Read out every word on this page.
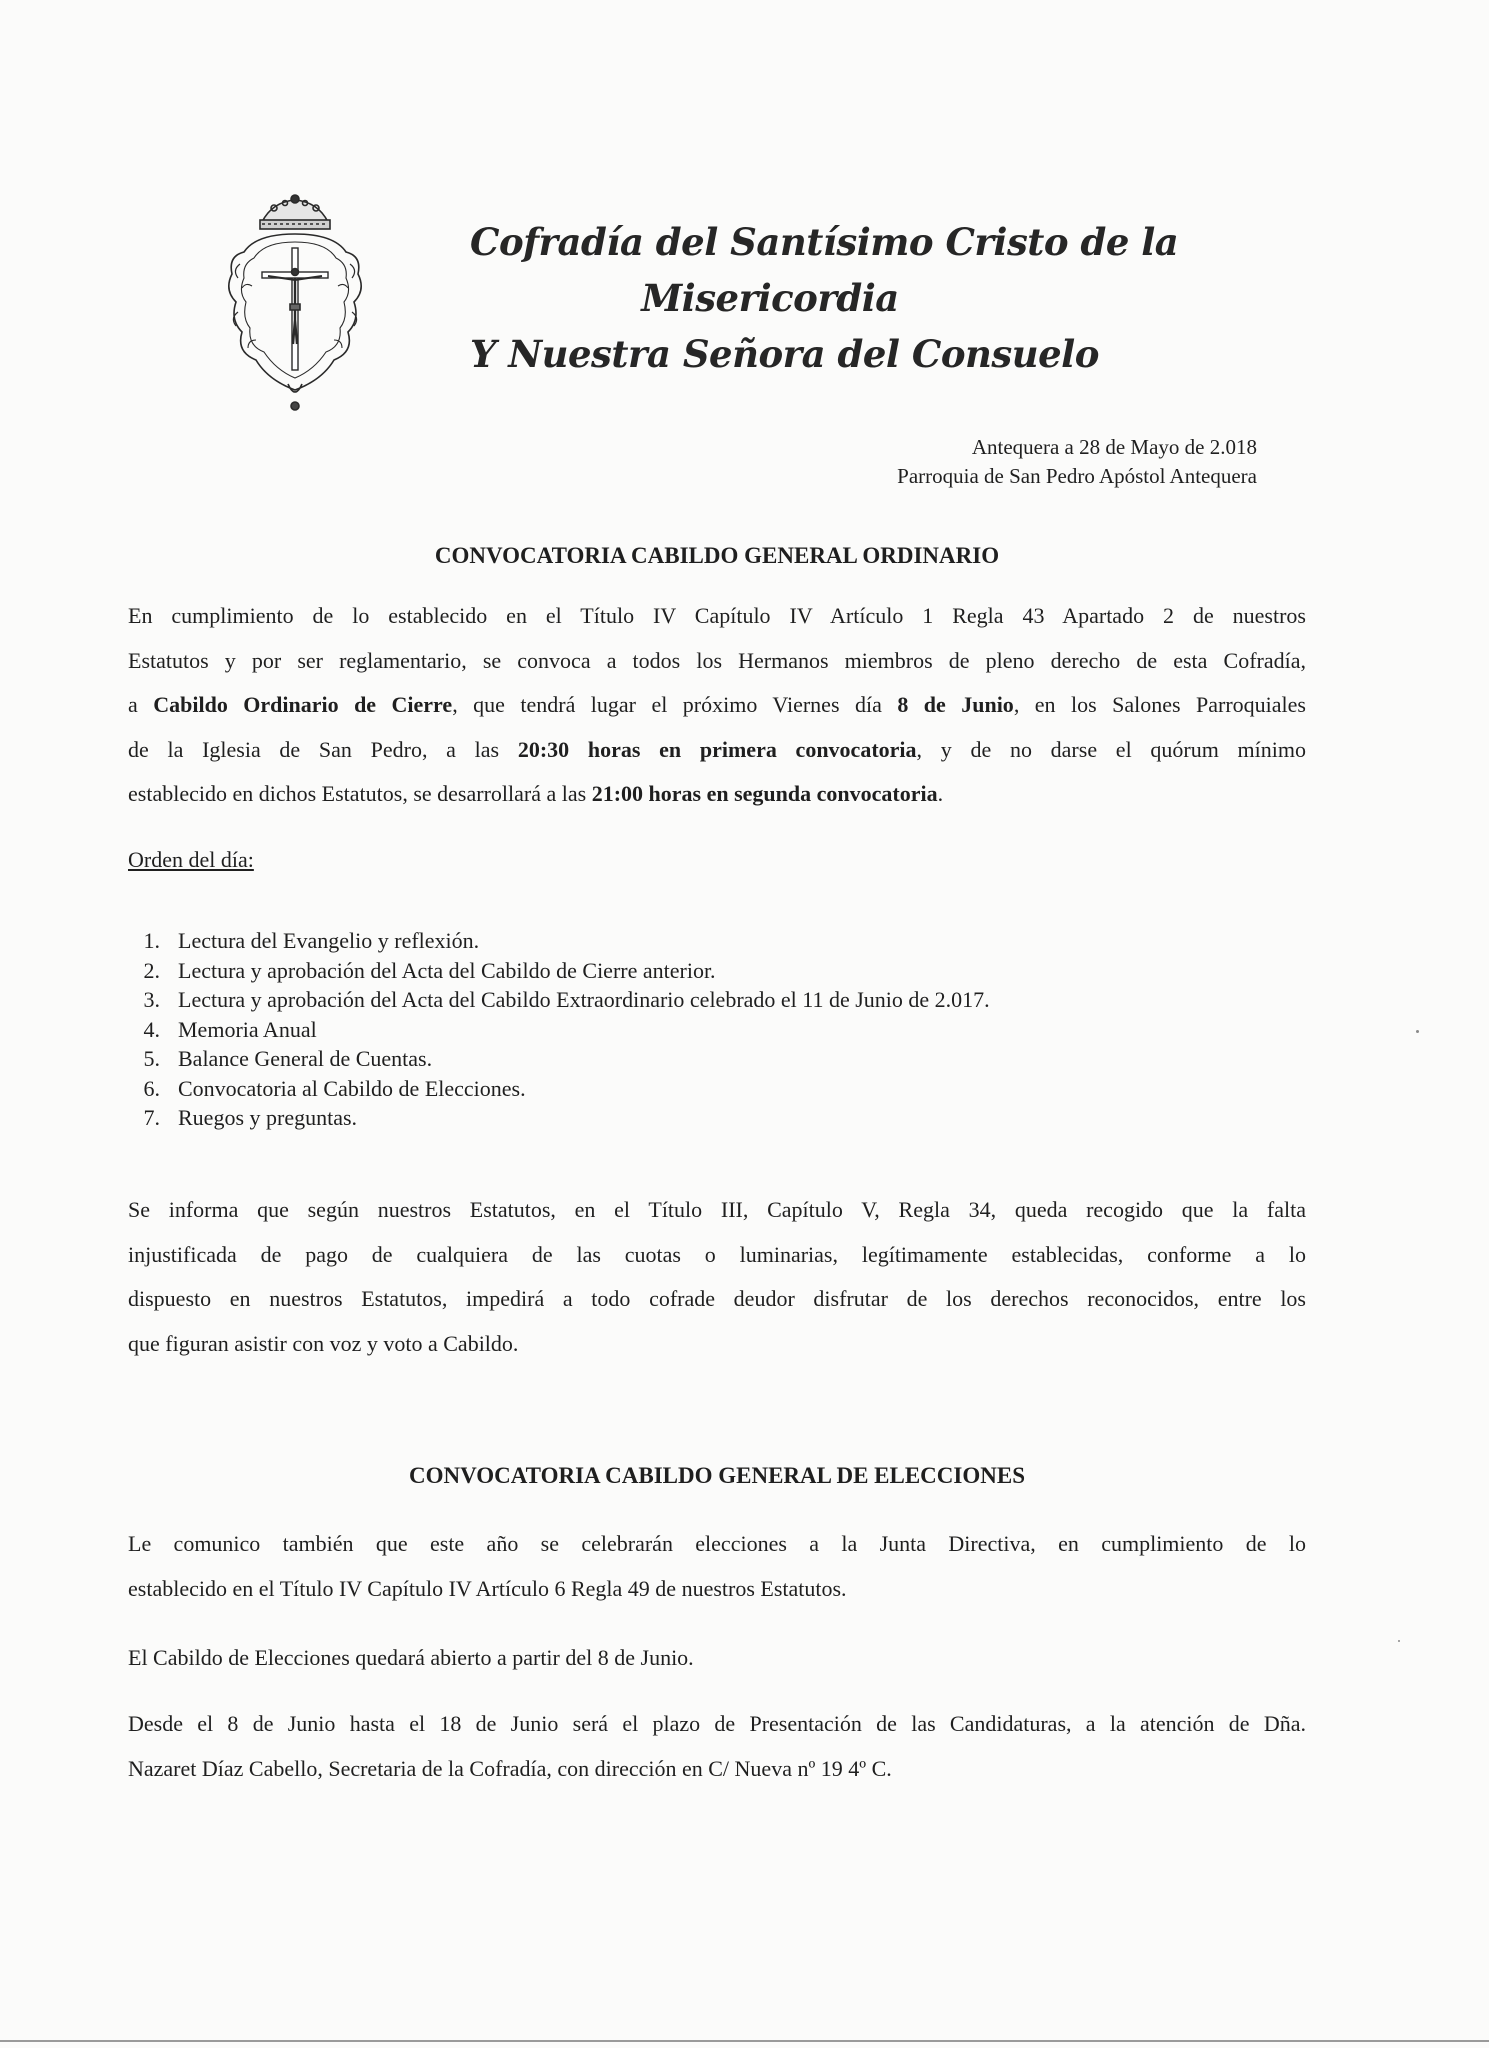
Cofradía del Santísimo Cristo de la
Misericordia
Y Nuestra Señora del Consuelo
Antequera a 28 de Mayo de 2.018
Parroquia de San Pedro Apóstol Antequera
CONVOCATORIA CABILDO GENERAL ORDINARIO
En cumplimiento de lo establecido en el Título IV Capítulo IV Artículo 1 Regla 43 Apartado 2 de nuestros
Estatutos y por ser reglamentario, se convoca a todos los Hermanos miembros de pleno derecho de esta Cofradía,
a Cabildo Ordinario de Cierre, que tendrá lugar el próximo Viernes día 8 de Junio, en los Salones Parroquiales
de la Iglesia de San Pedro, a las 20:30 horas en primera convocatoria, y de no darse el quórum mínimo
establecido en dichos Estatutos, se desarrollará a las 21:00 horas en segunda convocatoria.
Orden del día:
1. Lectura del Evangelio y reflexión.
2. Lectura y aprobación del Acta del Cabildo de Cierre anterior.
3. Lectura y aprobación del Acta del Cabildo Extraordinario celebrado el 11 de Junio de 2.017.
4. Memoria Anual
5. Balance General de Cuentas.
6. Convocatoria al Cabildo de Elecciones.
7. Ruegos y preguntas.
Se informa que según nuestros Estatutos, en el Título III, Capítulo V, Regla 34, queda recogido que la falta
injustificada de pago de cualquiera de las cuotas o luminarias, legítimamente establecidas, conforme a lo
dispuesto en nuestros Estatutos, impedirá a todo cofrade deudor disfrutar de los derechos reconocidos, entre los
que figuran asistir con voz y voto a Cabildo.
CONVOCATORIA CABILDO GENERAL DE ELECCIONES
Le comunico también que este año se celebrarán elecciones a la Junta Directiva, en cumplimiento de lo
establecido en el Título IV Capítulo IV Artículo 6 Regla 49 de nuestros Estatutos.
El Cabildo de Elecciones quedará abierto a partir del 8 de Junio.
Desde el 8 de Junio hasta el 18 de Junio será el plazo de Presentación de las Candidaturas, a la atención de Dña.
Nazaret Díaz Cabello, Secretaria de la Cofradía, con dirección en C/ Nueva nº 19 4º C.
